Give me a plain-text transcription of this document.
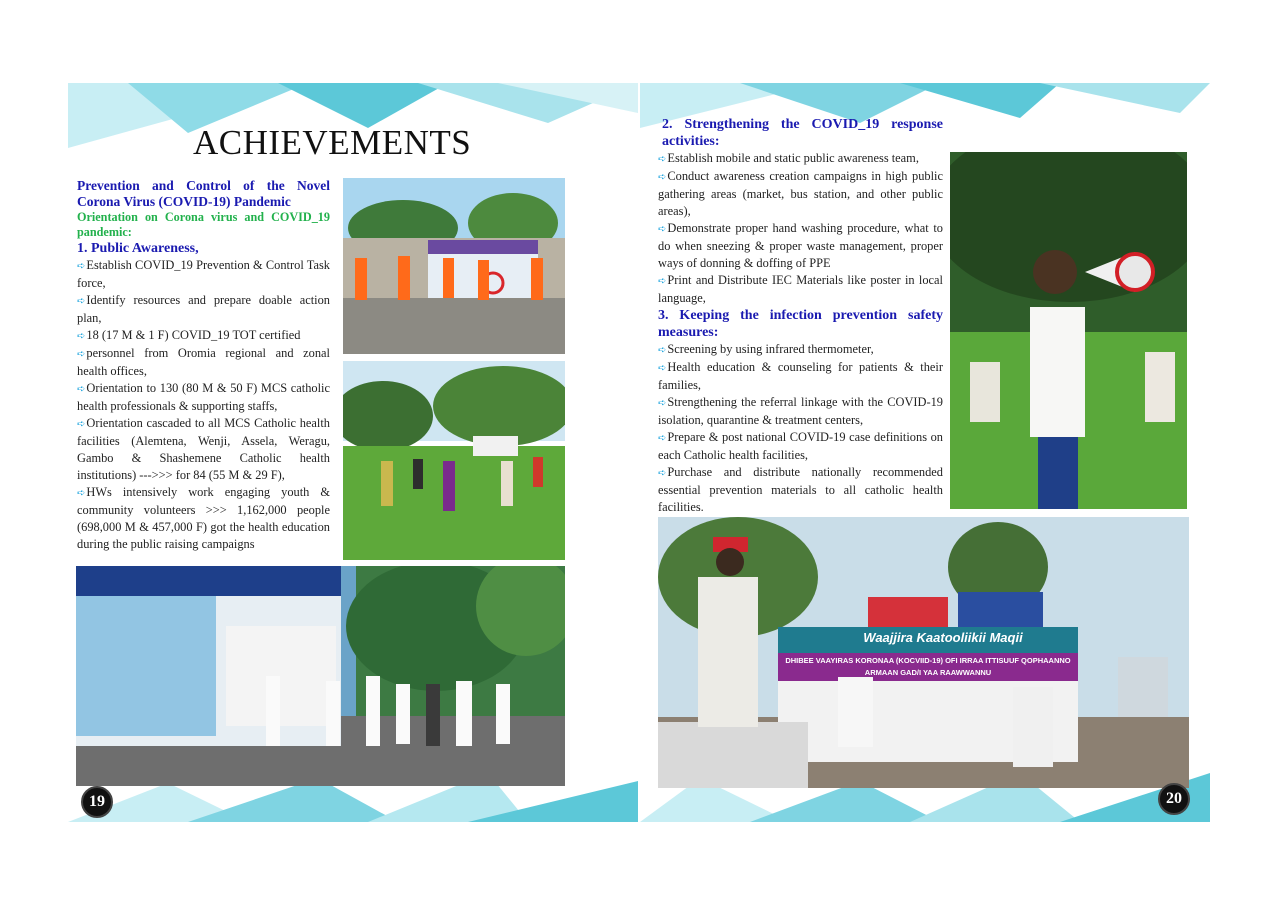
ACHIEVEMENTS
Prevention and Control of the Novel Corona Virus (COVID-19) Pandemic
Orientation on Corona virus and COVID_19 pandemic:
1. Public Awareness,
➪Establish COVID_19 Prevention & Control Task force,
➪Identify resources and prepare doable action plan,
➪18 (17 M & 1 F) COVID_19 TOT certified
➪personnel from Oromia regional and zonal health offices,
➪Orientation to 130 (80 M & 50 F) MCS catholic health professionals & supporting staffs,
➪Orientation cascaded to all MCS Catholic health facilities (Alemtena, Wenji, Assela, Weragu, Gambo & Shashemene Catholic health institutions) --->>> for 84 (55 M & 29 F),
➪HWs intensively work engaging youth & community volunteers >>> 1,162,000 people (698,000 M & 457,000 F) got the health education during the public raising campaigns
19
2. Strengthening the COVID_19 response activities:
➪Establish mobile and static public awareness team,
➪Conduct awareness creation campaigns in high public gathering areas (market, bus station, and other public areas),
➪Demonstrate proper hand washing procedure, what to do when sneezing & proper waste management, proper ways of donning & doffing of PPE
➪Print and Distribute IEC Materials like poster in local language,
3. Keeping the infection prevention safety measures:
➪Screening by using infrared thermometer,
➪Health education & counseling for patients & their families,
➪Strengthening the referral linkage with the COVID-19 isolation, quarantine & treatment centers,
➪Prepare & post national COVID-19 case definitions on each Catholic health facilities,
➪Purchase and distribute nationally recommended essential prevention materials to all catholic health facilities.
Waajjira Kaatooliikii Maqii
DHIBEE VAAYIRAS KORONAA (KOCVIID-19) OFI IRRAA ITTISUUF QOPHAANNO
ARMAAN GAD/I YAA RAAWWANNU
20
